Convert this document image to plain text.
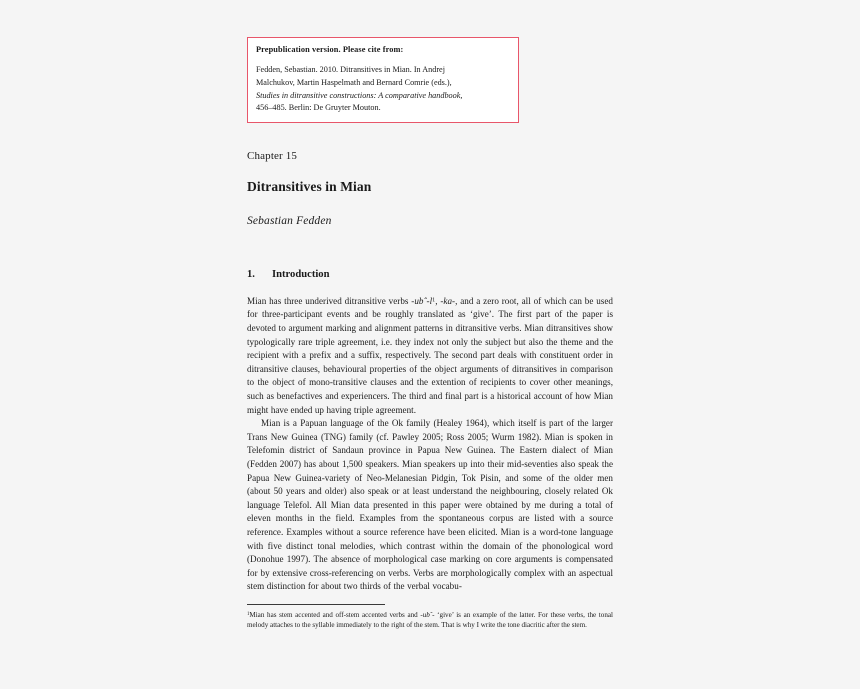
Prepublication version. Please cite from:
Fedden, Sebastian. 2010. Ditransitives in Mian. In Andrej
Malchukov, Martin Haspelmath and Bernard Comrie (eds.),
Studies in ditransitive constructions: A comparative handbook,
456–485. Berlin: De Gruyter Mouton.
Chapter 15
Ditransitives in Mian
Sebastian Fedden
1.	Introduction

Mian has three underived ditransitive verbs $-ubˆ-l^1$, -ka-, and a zero root, all of which can be used for three-participant events and be roughly translated as ‘give’. The first part of the paper is devoted to argument marking and alignment patterns in ditransitive verbs. Mian ditransitives show typologically rare triple agreement, i.e. they index not only the subject but also the theme and the recipient with a prefix and a suffix, respectively. The second part deals with constituent order in ditransitive clauses, behavioural properties of the object arguments of ditransitives in comparison to the object of mono-transitive clauses and the extention of recipients to cover other meanings, such as benefactives and experiencers. The third and final part is a historical account of how Mian might have ended up having triple agreement.

Mian is a Papuan language of the Ok family (Healey 1964), which itself is part of the larger Trans New Guinea (TNG) family (cf. Pawley 2005; Ross 2005; Wurm 1982). Mian is spoken in Telefomin district of Sandaun province in Papua New Guinea. The Eastern dialect of Mian (Fedden 2007) has about 1,500 speakers. Mian speakers up into their mid-seventies also speak the Papua New Guinea-variety of Neo-Melanesian Pidgin, Tok Pisin, and some of the older men (about 50 years and older) also speak or at least understand the neighbouring, closely related Ok language Telefol. All Mian data presented in this paper were obtained by me during a total of eleven months in the field. Examples from the spontaneous corpus are listed with a source reference. Examples without a source reference have been elicited. Mian is a word-tone language with five distinct tonal melodies, which contrast within the domain of the phonological word (Donohue 1997). The absence of morphological case marking on core arguments is compensated for by extensive cross-referencing on verbs. Verbs are morphologically complex with an aspectual stem distinction for about two thirds of the verbal vocabu-

$^1$Mian has stem accented and off-stem accented verbs and -ubˆ- ‘give’ is an example of the latter. For these verbs, the tonal melody attaches to the syllable immediately to the right of the stem. That is why I write the tone diacritic after the stem.
